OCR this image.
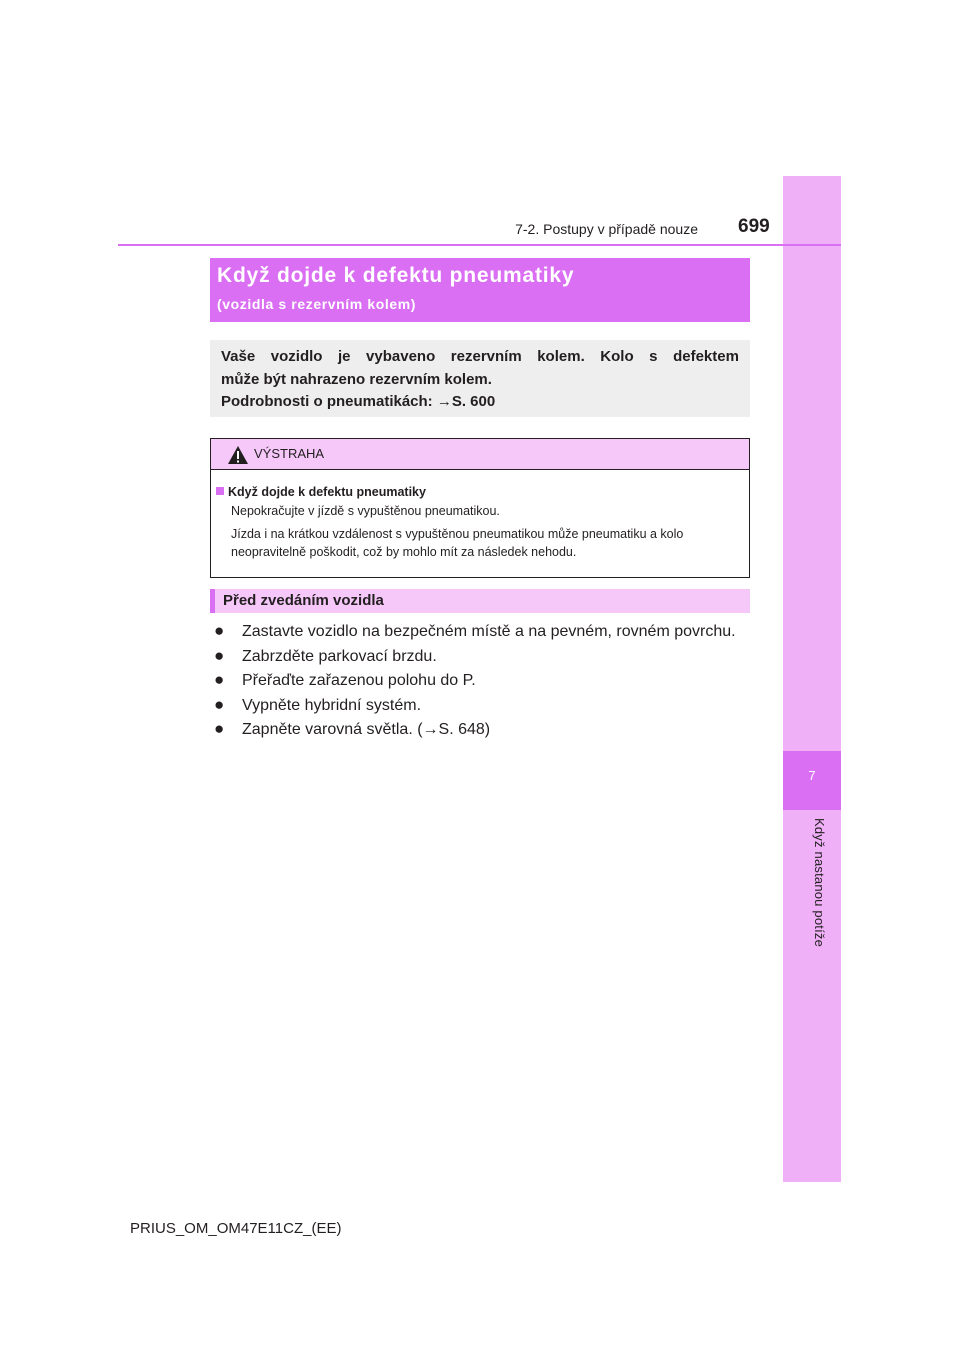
7
Když nastanou potíže
7-2. Postupy v případě nouze 699
Když dojde k defektu pneumatiky
(vozidla s rezervním kolem)
Vaše vozidlo je vybaveno rezervním kolem. Kolo s defektem
může být nahrazeno rezervním kolem.
Podrobnosti o pneumatikách: →S. 600
VÝSTRAHA
Když dojde k defektu pneumatiky
Nepokračujte v jízdě s vypuštěnou pneumatikou.
Jízda i na krátkou vzdálenost s vypuštěnou pneumatikou může pneumatiku a kolo neopravitelně poškodit, což by mohlo mít za následek nehodu.
Před zvedáním vozidla
● Zastavte vozidlo na bezpečném místě a na pevném, rovném povrchu.
● Zabrzděte parkovací brzdu.
● Přeřaďte zařazenou polohu do P.
● Vypněte hybridní systém.
● Zapněte varovná světla. (→S. 648)
PRIUS_OM_OM47E11CZ_(EE)
